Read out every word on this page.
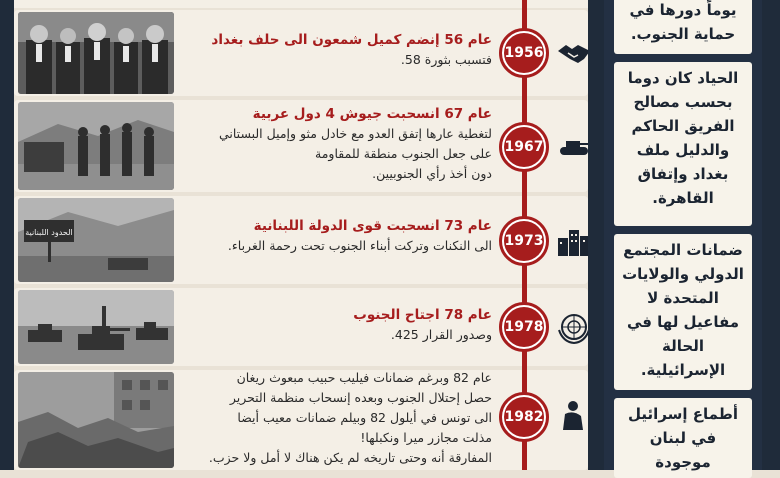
الحدود اللبنانية
عام 56 إنضم كميل شمعون الى حلف بغداد
فتسبب بثورة 58.
عام 67 انسحبت جيوش 4 دول عربية
لتغطية عارها إتفق العدو مع خادل مثو وإميل البستاني
على جعل الجنوب منطقة للمقاومة
دون أخذ رأي الجنوبيين.
عام 73 انسحبت قوى الدولة اللبنانية
الى النكنات وتركت أبناء الجنوب تحت رحمة الغرباء.
عام 78 اجتاح الجنوب
وصدور القرار 425.
عام 82 وبرغم ضمانات فيليب حبيب مبعوث ريغان
حصل إحتلال الجنوب وبعده إنسحاب منظمة التحرير
الى تونس في أيلول 82 وبيلم ضمانات معيب أيضا
مذلت مجازر ميرا ونكبلها!
المفارقة أنه وحتى تاريخه لم يكن هناك لا أمل ولا حزب.
1956
1967
1973
1978
1982
يوماً دورها في حماية الجنوب.
الحياد كان دوما بحسب مصالح الفريق الحاكم والدليل ملف بغداد وإتفاق القاهرة.
ضمانات المجتمع الدولي والولايات المتحدة لا مفاعيل لها في الحالة الإسرائيلية.
أطماع إسرائيل في لبنان موجودة
